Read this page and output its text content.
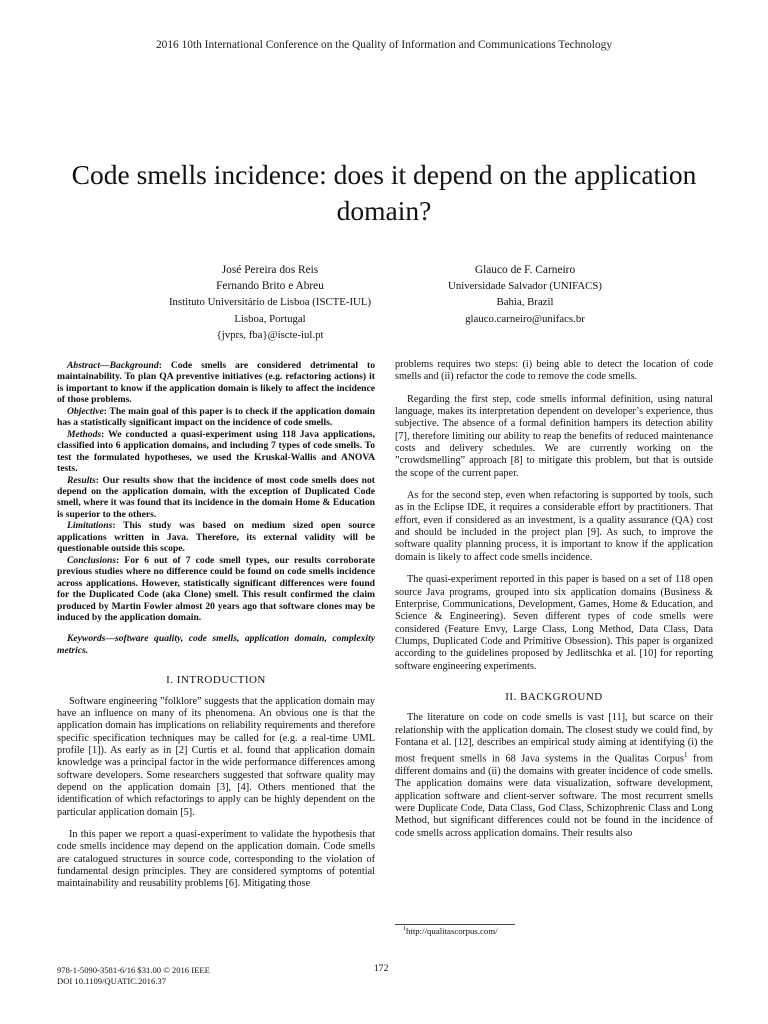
2016 10th International Conference on the Quality of Information and Communications Technology
Code smells incidence: does it depend on the application domain?
José Pereira dos Reis
Fernando Brito e Abreu
Instituto Universitário de Lisboa (ISCTE-IUL)
Lisboa, Portugal
{jvprs, fba}@iscte-iul.pt
Glauco de F. Carneiro
Universidade Salvador (UNIFACS)
Bahia, Brazil
glauco.carneiro@unifacs.br

Abstract—Background: Code smells are considered detrimental to maintainability. To plan QA preventive initiatives (e.g. refactoring actions) it is important to know if the application domain is likely to affect the incidence of those problems.

Objective: The main goal of this paper is to check if the application domain has a statistically significant impact on the incidence of code smells.

Methods: We conducted a quasi-experiment using 118 Java applications, classified into 6 application domains, and including 7 types of code smells. To test the formulated hypotheses, we used the Kruskal-Wallis and ANOVA tests.

Results: Our results show that the incidence of most code smells does not depend on the application domain, with the exception of Duplicated Code smell, where it was found that its incidence in the domain Home & Education is superior to the others.

Limitations: This study was based on medium sized open source applications written in Java. Therefore, its external validity will be questionable outside this scope.

Conclusions: For 6 out of 7 code smell types, our results corroborate previous studies where no difference could be found on code smells incidence across applications. However, statistically significant differences were found for the Duplicated Code (aka Clone) smell. This result confirmed the claim produced by Martin Fowler almost 20 years ago that software clones may be induced by the application domain.

Keywords—software quality, code smells, application domain, complexity metrics.

I. INTRODUCTION

Software engineering ”folklore” suggests that the application domain may have an influence on many of its phenomena. An obvious one is that the application domain has implications on reliability requirements and therefore specific specification techniques may be called for (e.g. a real-time UML profile [1]). As early as in [2] Curtis et al. found that application domain knowledge was a principal factor in the wide performance differences among software developers. Some researchers suggested that software quality may depend on the application domain [3], [4]. Others mentioned that the identification of which refactorings to apply can be highly dependent on the particular application domain [5].

In this paper we report a quasi-experiment to validate the hypothesis that code smells incidence may depend on the application domain. Code smells are catalogued structures in source code, corresponding to the violation of fundamental design principles. They are considered symptoms of potential maintainability and reusability problems [6]. Mitigating those

problems requires two steps: (i) being able to detect the location of code smells and (ii) refactor the code to remove the code smells.

Regarding the first step, code smells informal definition, using natural language, makes its interpretation dependent on developer’s experience, thus subjective. The absence of a formal definition hampers its detection ability [7], therefore limiting our ability to reap the benefits of reduced maintenance costs and delivery schedules. We are currently working on the ”crowdsmelling” approach [8] to mitigate this problem, but that is outside the scope of the current paper.

As for the second step, even when refactoring is supported by tools, such as in the Eclipse IDE, it requires a considerable effort by practitioners. That effort, even if considered as an investment, is a quality assurance (QA) cost and should be included in the project plan [9]. As such, to improve the software quality planning process, it is important to know if the application domain is likely to affect code smells incidence.

The quasi-experiment reported in this paper is based on a set of 118 open source Java programs, grouped into six application domains (Business & Enterprise, Communications, Development, Games, Home & Education, and Science & Engineering). Seven different types of code smells were considered (Feature Envy, Large Class, Long Method, Data Class, Data Clumps, Duplicated Code and Primitive Obsession). This paper is organized according to the guidelines proposed by Jedlitschka et al. [10] for reporting software engineering experiments.

II. BACKGROUND

The literature on code on code smells is vast [11], but scarce on their relationship with the application domain. The closest study we could find, by Fontana et al. [12], describes an empirical study aiming at identifying (i) the most frequent smells in 68 Java systems in the Qualitas Corpus$^1$ from different domains and (ii) the domains with greater incidence of code smells. The application domains were data visualization, software development, application software and client-server software. The most recurrent smells were Duplicate Code, Data Class, God Class, Schizophrenic Class and Long Method, but significant differences could not be found in the incidence of code smells across application domains. Their results also

$^1$http://qualitascorpus.com/
978-1-5090-3581-6/16 $31.00 © 2016 IEEE
DOI 10.1109/QUATIC.2016.37
172
